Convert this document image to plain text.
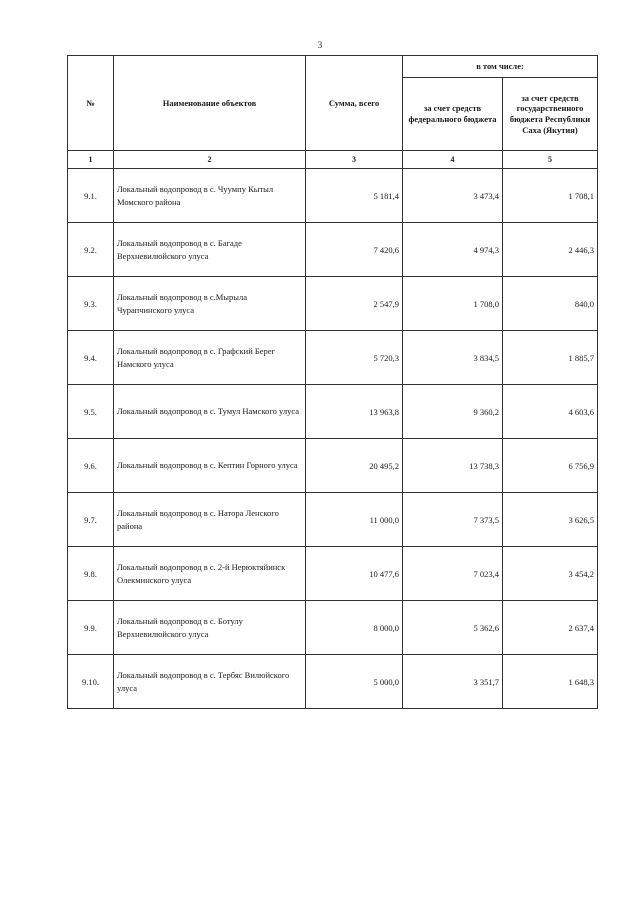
3
№	Наименование объектов	Сумма, всего	в том числе:	
			за счет средств федерального бюджета	за счет средств государственного бюджета Республики Саха (Якутия)
1	2	3	4	5
9.1.	Локальный водопровод в с. Чуумпу Кытыл Момского района	5 181,4	3 473,4	1 708,1
9.2.	Локальный водопровод в с. Багаде Верхневилюйского улуса	7 420,6	4 974,3	2 446,3
9.3.	Локальный водопровод в с.Мырыла Чурапчинского улуса	2 547,9	1 708,0	840,0
9.4.	Локальный водопровод в с. Графский Берег Намского улуса	5 720,3	3 834,5	1 885,7
9.5.	Локальный водопровод в с. Тумул Намского улуса	13 963,8	9 360,2	4 603,6
9.6.	Локальный водопровод в с. Кептин Горного улуса	20 495,2	13 738,3	6 756,9
9.7.	Локальный водопровод в с. Натора Ленского района	11 000,0	7 373,5	3 626,5
9.8.	Локальный водопровод в с. 2-й Нерюктяйинск Олекминского улуса	10 477,6	7 023,4	3 454,2
9.9.	Локальный водопровод в с. Ботулу Верхневилюйского улуса	8 000,0	5 362,6	2 637,4
9.10.	Локальный водопровод в с. Тербяс Вилюйского улуса	5 000,0	3 351,7	1 648,3
